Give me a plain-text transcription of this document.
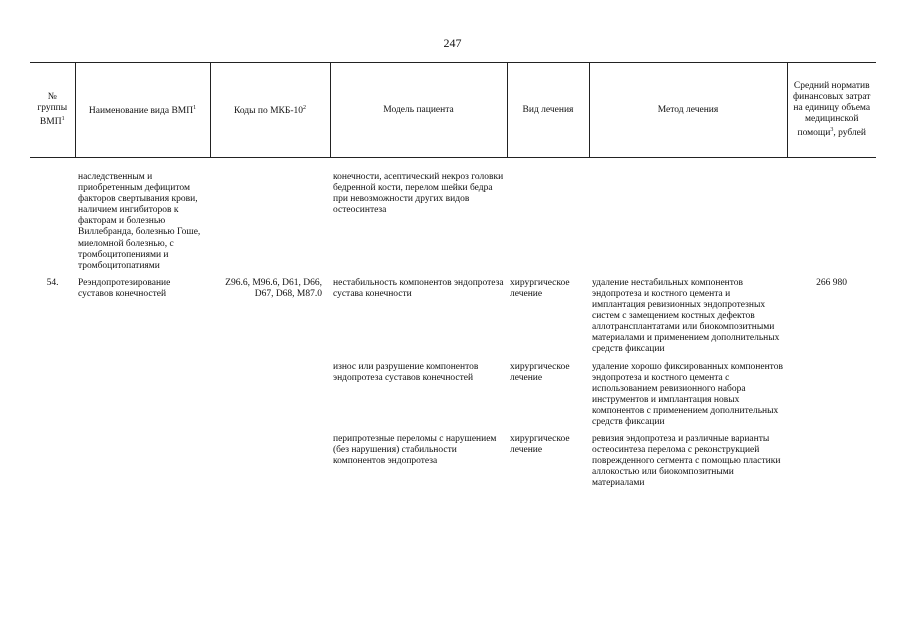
247
№ группы ВМП$^1$	Наименование вида ВМП$^1$	Коды по МКБ-$10^2$	Модель пациента	Вид лечения	Метод лечения	Средний норматив финансовых затрат на единицу объема медицинской помощи$^3$, рублей

	наследственным и приобретенным дефицитом факторов свертывания крови, наличием ингибиторов к факторам и болезнью Виллебранда, болезнью Гоше, миеломной болезнью, с тромбоцитопениями и тромбоцитопатиями		конечности, асептический некроз головки бедренной кости, перелом шейки бедра при невозможности других видов остеосинтеза			

54.	Реэндопротезирование суставов конечностей	Z96.6, M96.6, D61, D66, D67, D68, M87.0	нестабильность компонентов эндопротеза сустава конечности	хирургическое лечение	удаление нестабильных компонентов эндопротеза и костного цемента и имплантация ревизионных эндопротезных систем с замещением костных дефектов аллотрансплантатами или биокомпозитными материалами и применением дополнительных средств фиксации	266 980

			износ или разрушение компонентов эндопротеза суставов конечностей	хирургическое лечение	удаление хорошо фиксированных компонентов эндопротеза и костного цемента с использованием ревизионного набора инструментов и имплантация новых компонентов с применением дополнительных средств фиксации	

			перипротезные переломы с нарушением (без нарушения) стабильности компонентов эндопротеза	хирургическое лечение	ревизия эндопротеза и различные варианты остеосинтеза перелома с реконструкцией поврежденного сегмента с помощью пластики аллокостью или биокомпозитными материалами	
